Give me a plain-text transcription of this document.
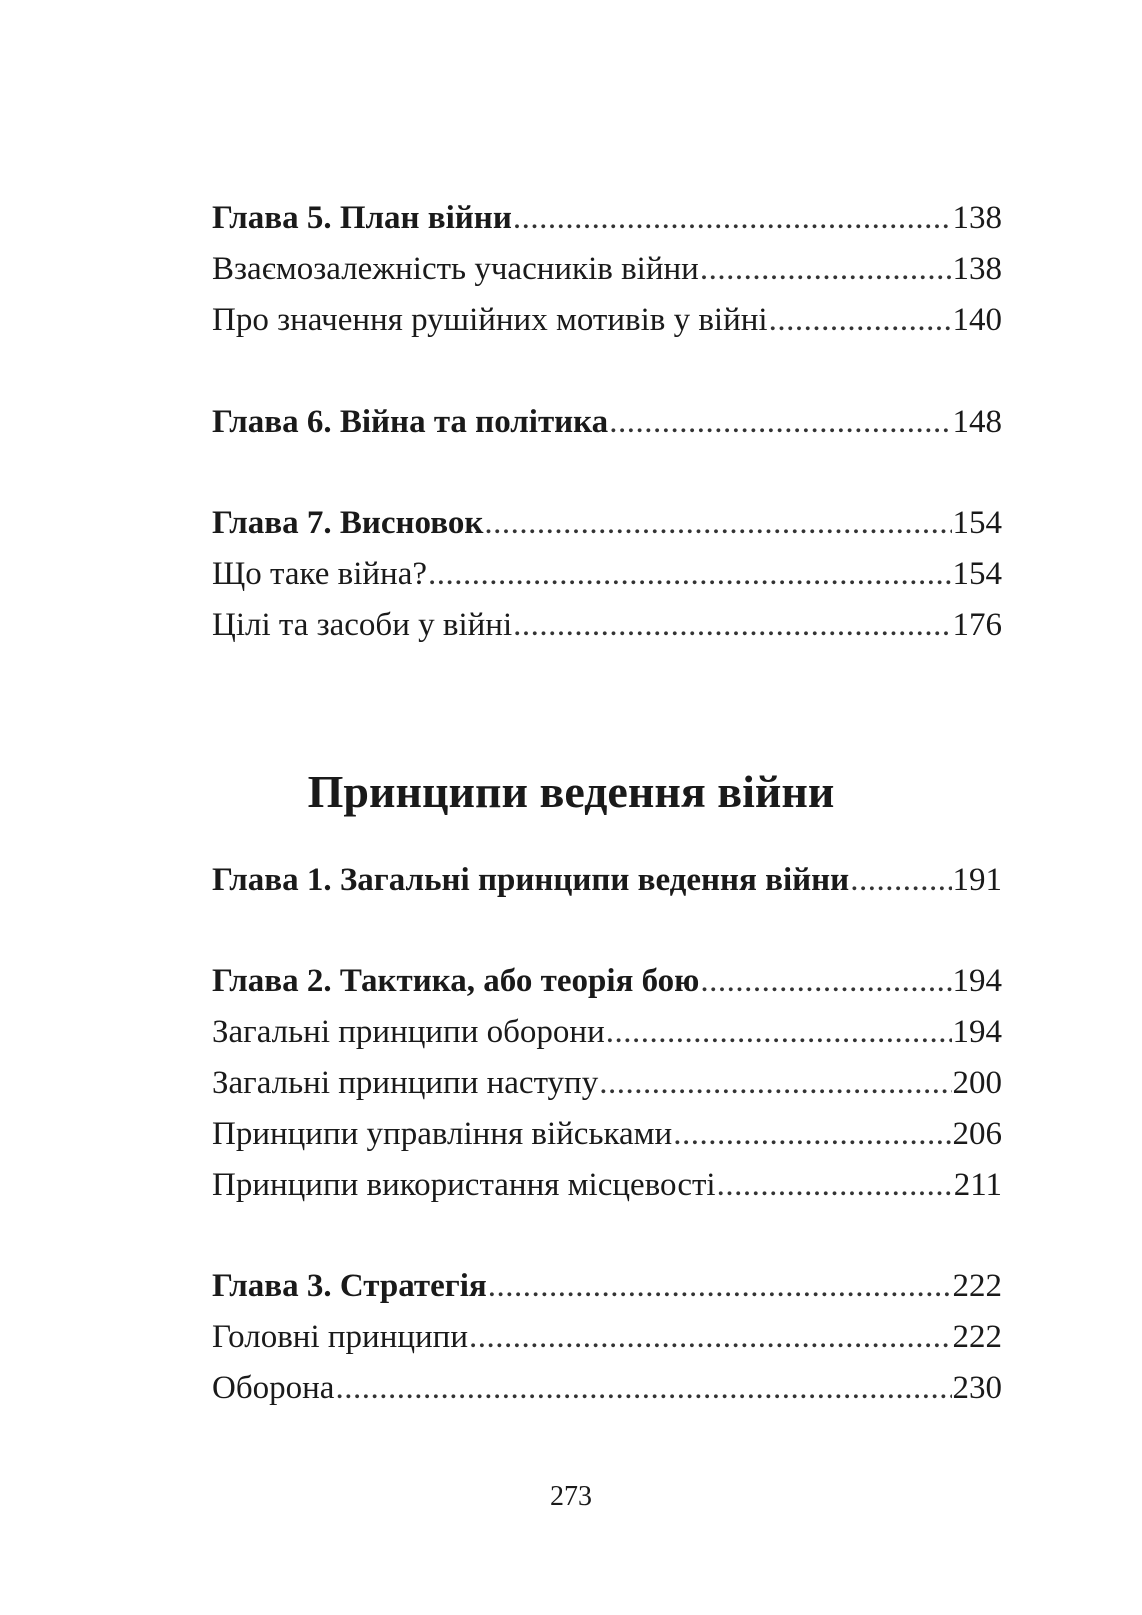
Глава 5. План війни .....	138
Взаємозалежність учасників війни .....	138
Про значення рушійних мотивів у війні .....	140
Глава 6. Війна та політика .....	148
Глава 7. Висновок .....	154
Що таке війна? .....	154
Цілі та засоби у війні .....	176
Принципи ведення війни
Глава 1. Загальні принципи ведення війни .....	191
Глава 2. Тактика, або теорія бою .....	194
Загальні принципи оборони .....	194
Загальні принципи наступу .....	200
Принципи управління військами .....	206
Принципи використання місцевості .....	211
Глава 3. Стратегія .....	222
Головні принципи .....	222
Оборона .....	230
273
